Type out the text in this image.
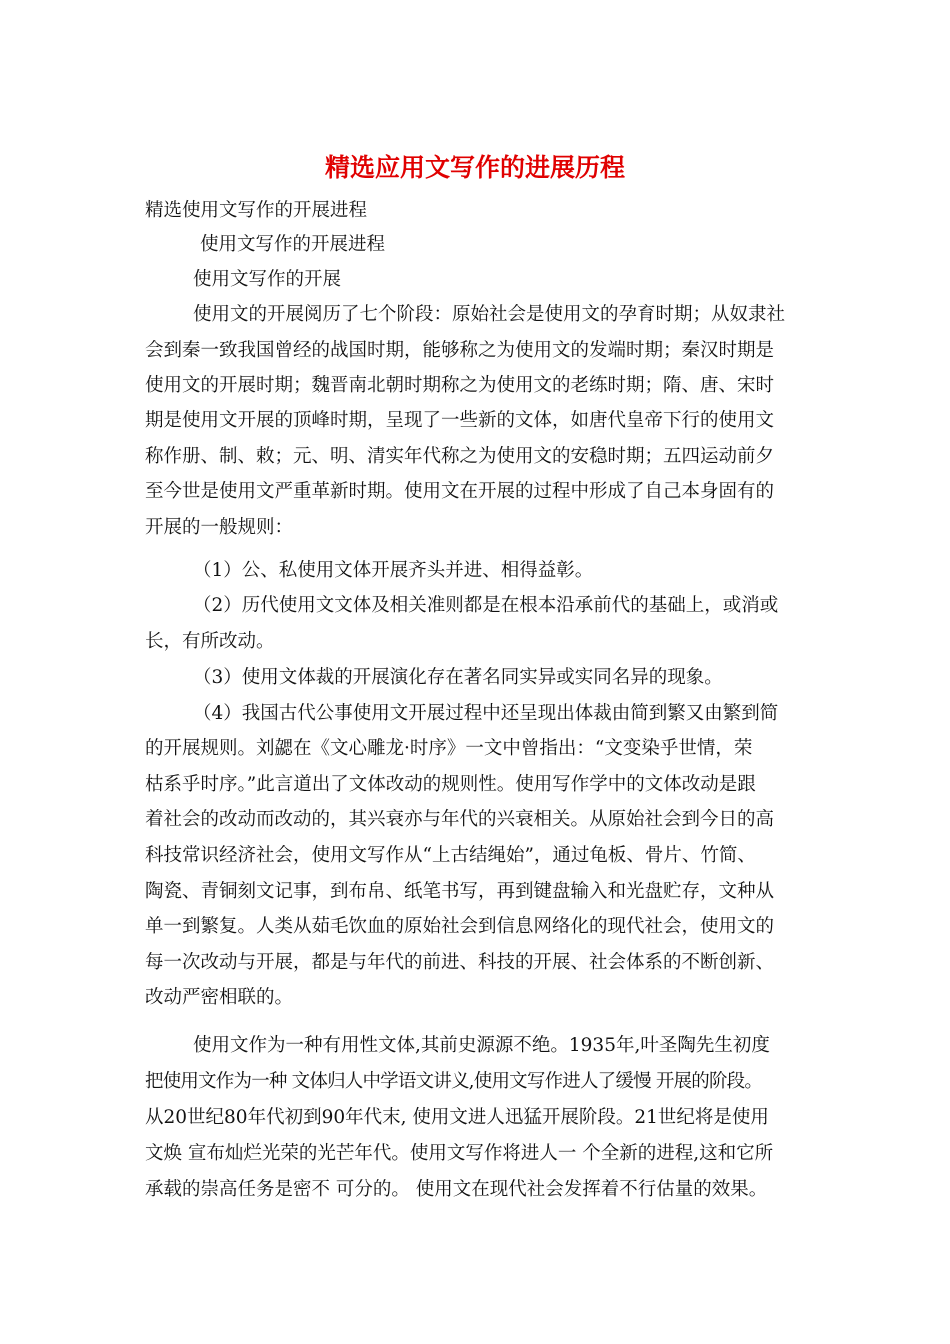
精选应用文写作的进展历程
精选使用文写作的开展进程
使用文写作的开展进程
使用文写作的开展
使用文的开展阅历了七个阶段：原始社会是使用文的孕育时期；从奴隶社
会到秦一致我国曾经的战国时期，能够称之为使用文的发端时期；秦汉时期是
使用文的开展时期；魏晋南北朝时期称之为使用文的老练时期；隋、唐、宋时
期是使用文开展的顶峰时期，呈现了一些新的文体，如唐代皇帝下行的使用文
称作册、制、敕；元、明、清实年代称之为使用文的安稳时期；五四运动前夕
至今世是使用文严重革新时期。使用文在开展的过程中形成了自己本身固有的
开展的一般规则：
（1）公、私使用文体开展齐头并进、相得益彰。
（2）历代使用文文体及相关准则都是在根本沿承前代的基础上，或消或
长，有所改动。
（3）使用文体裁的开展演化存在著名同实异或实同名异的现象。
（4）我国古代公事使用文开展过程中还呈现出体裁由简到繁又由繁到简
的开展规则。刘勰在《文心雕龙·时序》一文中曾指出：“文变染乎世情，荣
枯系乎时序。”此言道出了文体改动的规则性。使用写作学中的文体改动是跟
着社会的改动而改动的，其兴衰亦与年代的兴衰相关。从原始社会到今日的高
科技常识经济社会，使用文写作从“上古结绳始”，通过龟板、骨片、竹简、
陶瓷、青铜刻文记事，到布帛、纸笔书写，再到键盘输入和光盘贮存，文种从
单一到繁复。人类从茹毛饮血的原始社会到信息网络化的现代社会，使用文的
每一次改动与开展，都是与年代的前进、科技的开展、社会体系的不断创新、
改动严密相联的。
使用文作为一种有用性文体,其前史源源不绝。1935年,叶圣陶先生初度
把使用文作为一种 文体归人中学语文讲义,使用文写作进人了缓慢 开展的阶段。
从20世纪80年代初到90年代末, 使用文进人迅猛开展阶段。21世纪将是使用
文焕 宣布灿烂光荣的光芒年代。使用文写作将进人一 个全新的进程,这和它所
承载的崇高任务是密不 可分的。 使用文在现代社会发挥着不行估量的效果。
